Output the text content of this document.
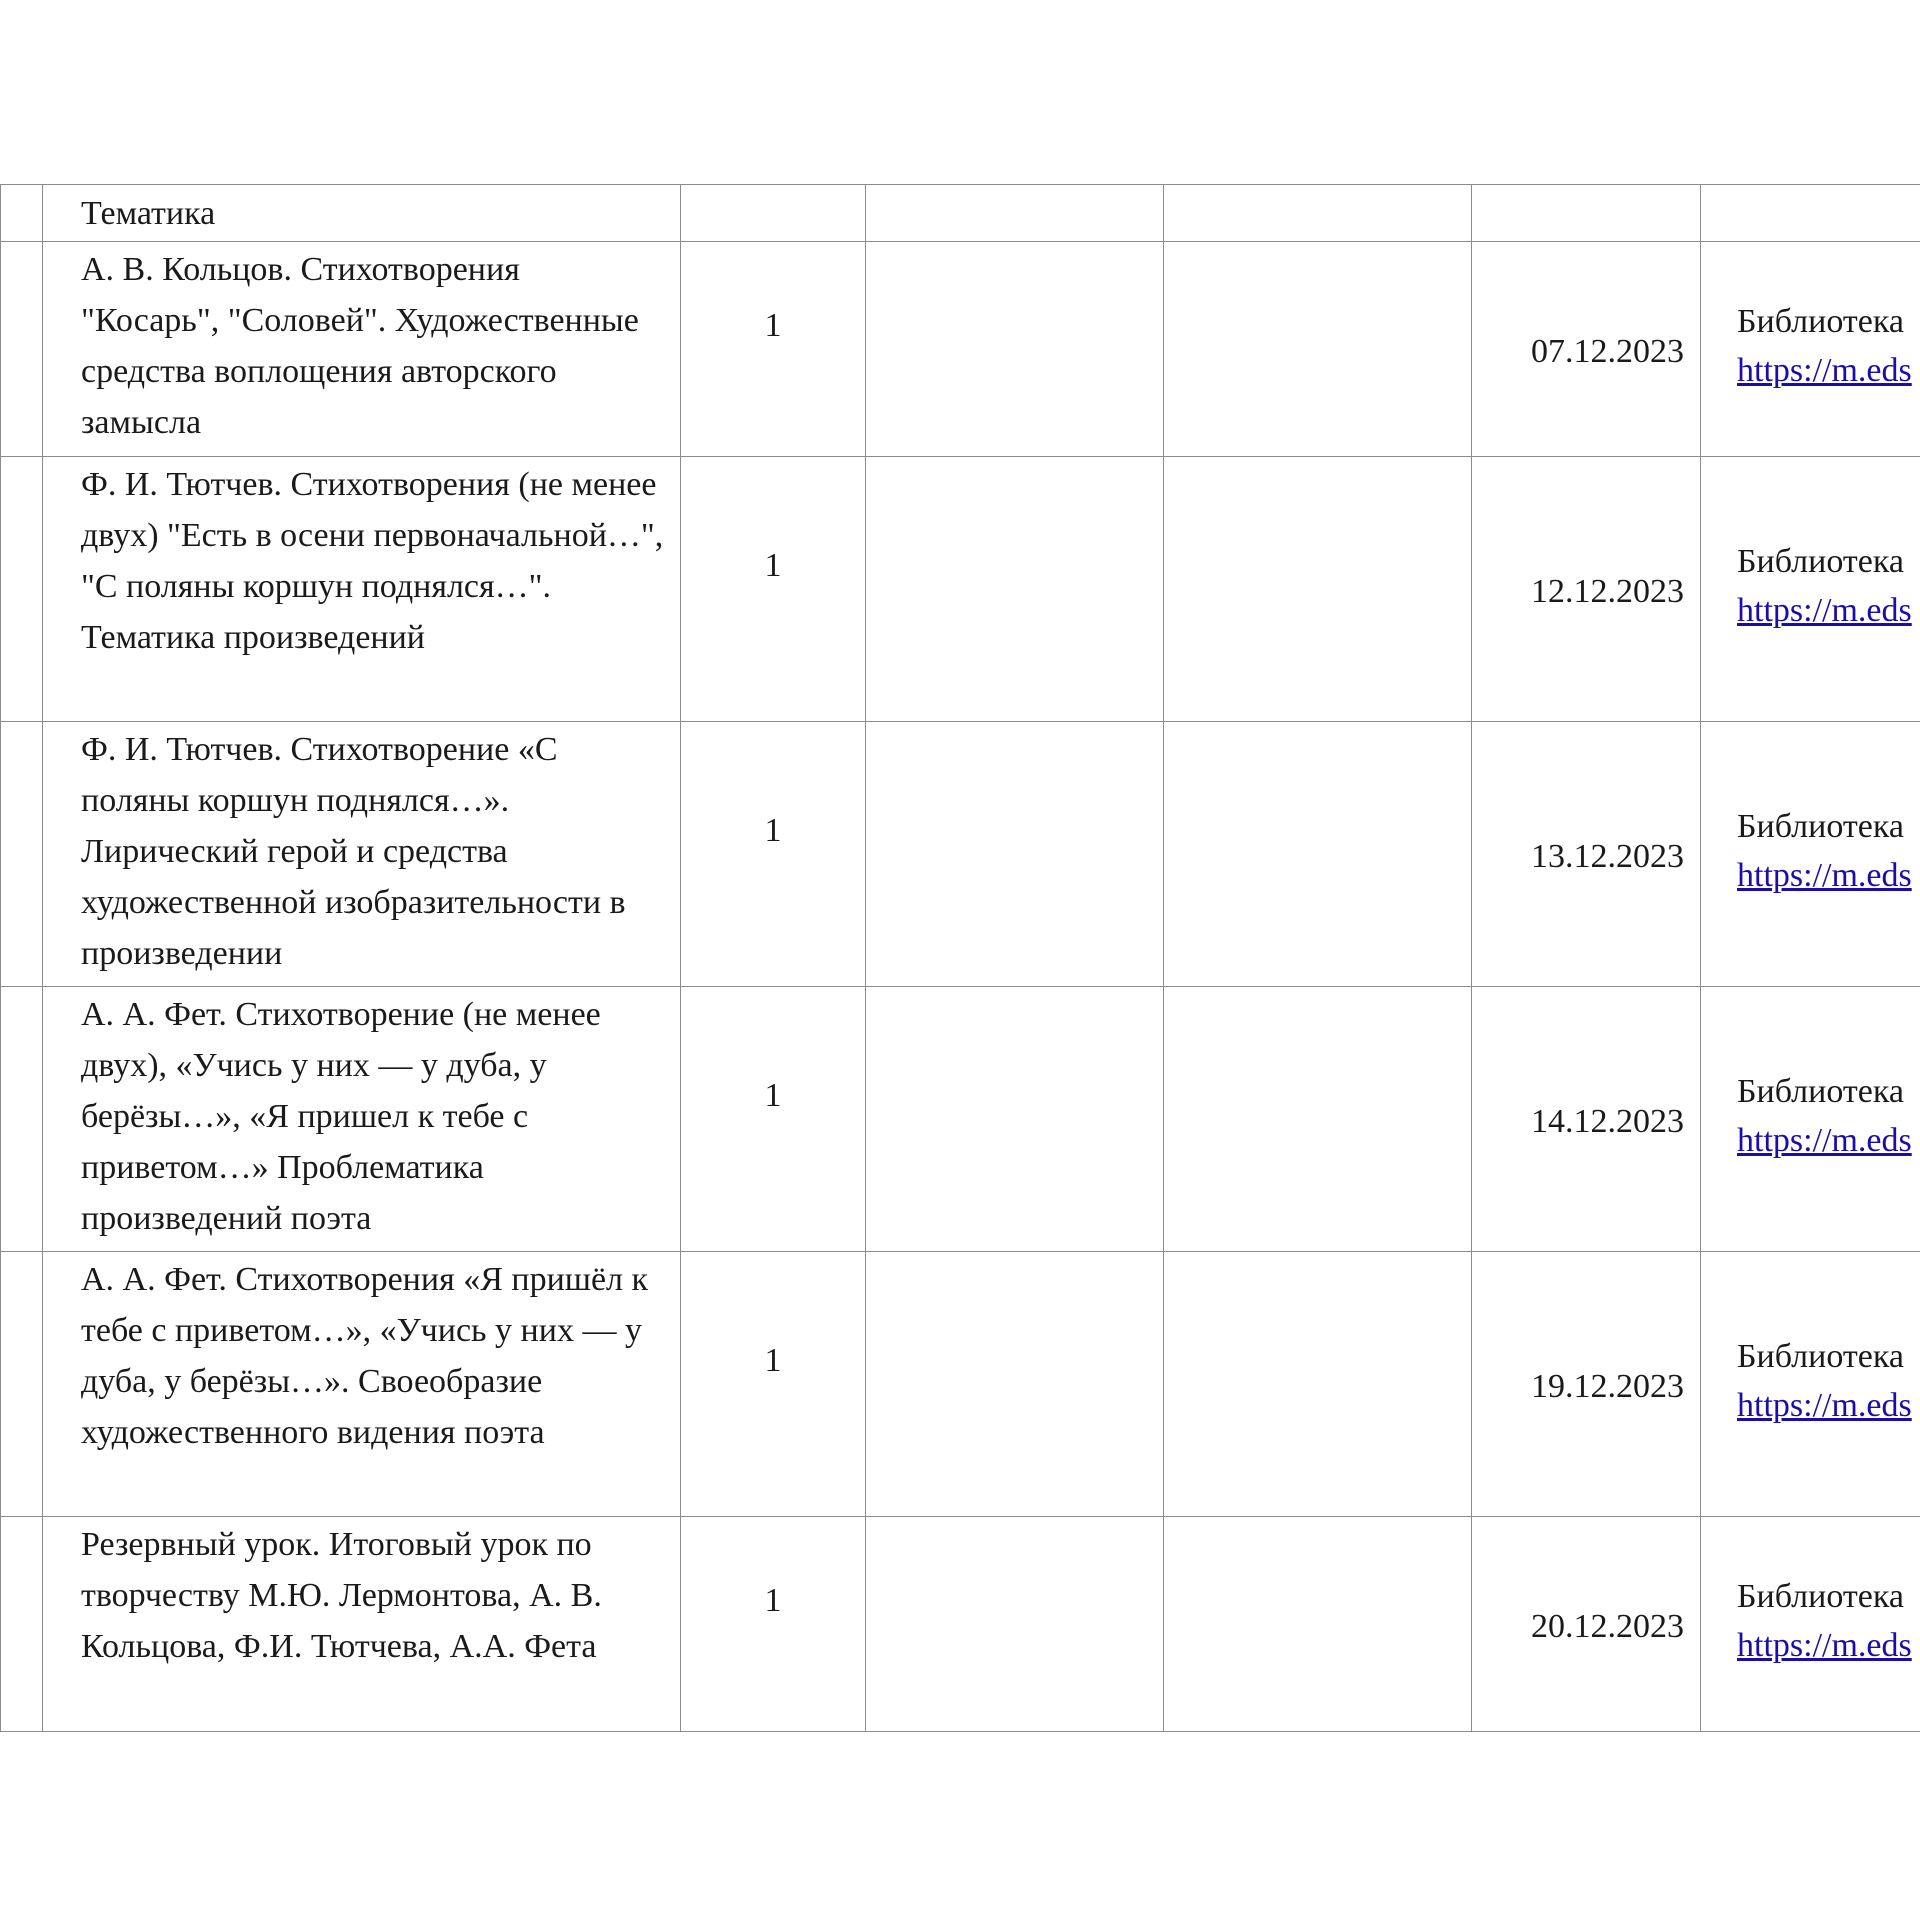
	Тематика					
	А. В. Кольцов. Стихотворения "Косарь", "Соловей". Художественные средства воплощения авторского замысла	1			07.12.2023	Библиотека
https://m.eds

	Ф. И. Тютчев. Стихотворения (не менее двух) "Есть в осени первоначальной…", "С поляны коршун поднялся…". Тематика произведений	1			12.12.2023	Библиотека
https://m.eds

	Ф. И. Тютчев. Стихотворение «С поляны коршун поднялся…». Лирический герой и средства художественной изобразительности в произведении	1			13.12.2023	Библиотека
https://m.eds

	А. А. Фет. Стихотворение (не менее двух), «Учись у них — у дуба, у берёзы…», «Я пришел к тебе с приветом…» Проблематика произведений поэта	1			14.12.2023	Библиотека
https://m.eds

	А. А. Фет. Стихотворения «Я пришёл к тебе с приветом…», «Учись у них — у дуба, у берёзы…». Своеобразие художественного видения поэта	1			19.12.2023	Библиотека
https://m.eds

	Резервный урок. Итоговый урок по творчеству М.Ю. Лермонтова, А. В. Кольцова, Ф.И. Тютчева, А.А. Фета	1			20.12.2023	Библиотека
https://m.eds
